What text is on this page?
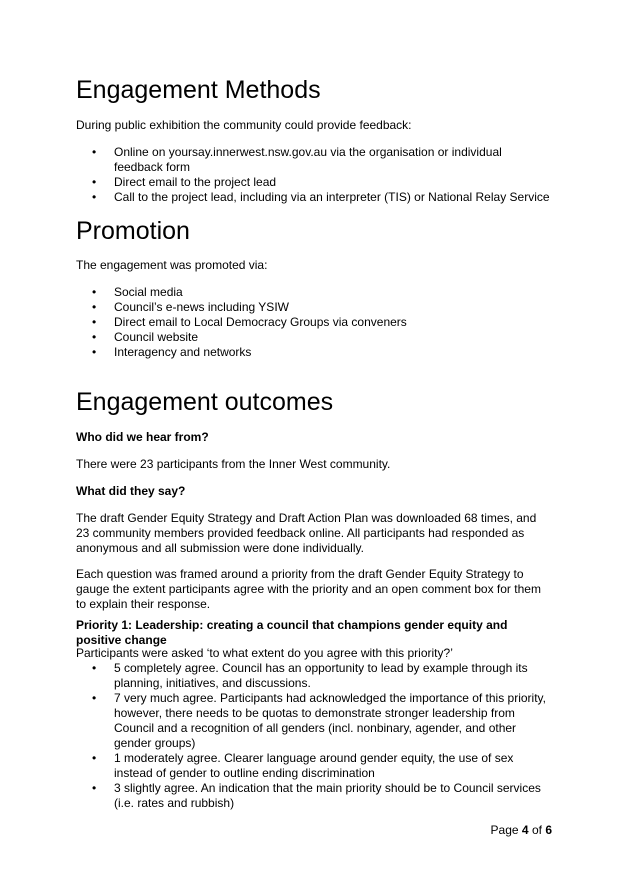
Engagement Methods

During public exhibition the community could provide feedback:

• Online on yoursay.innerwest.nsw.gov.au via the organisation or individual feedback form
• Direct email to the project lead
• Call to the project lead, including via an interpreter (TIS) or National Relay Service
Promotion

The engagement was promoted via:

• Social media
• Council’s e-news including YSIW
• Direct email to Local Democracy Groups via conveners
• Council website
• Interagency and networks
Engagement outcomes

Who did we hear from?

There were 23 participants from the Inner West community.

What did they say?

The draft Gender Equity Strategy and Draft Action Plan was downloaded 68 times, and 23 community members provided feedback online. All participants had responded as anonymous and all submission were done individually.

Each question was framed around a priority from the draft Gender Equity Strategy to gauge the extent participants agree with the priority and an open comment box for them to explain their response.

Priority 1: Leadership: creating a council that champions gender equity and positive change

Participants were asked ‘to what extent do you agree with this priority?’

• 5 completely agree. Council has an opportunity to lead by example through its planning, initiatives, and discussions.
• 7 very much agree. Participants had acknowledged the importance of this priority, however, there needs to be quotas to demonstrate stronger leadership from Council and a recognition of all genders (incl. nonbinary, agender, and other gender groups)
• 1 moderately agree. Clearer language around gender equity, the use of sex instead of gender to outline ending discrimination
• 3 slightly agree. An indication that the main priority should be to Council services (i.e. rates and rubbish)
Page 4 of 6
